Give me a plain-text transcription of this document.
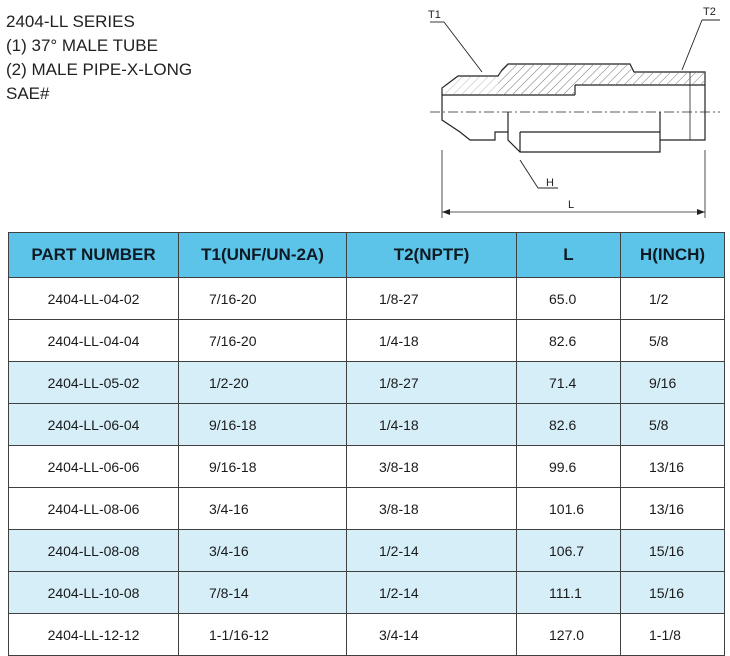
2404-LL SERIES
(1) 37° MALE TUBE
(2) MALE PIPE-X-LONG
SAE#
T1	T2
H
L
PART NUMBER	T1(UNF/UN-2A)	T2(NPTF)	L	H(INCH)
2404-LL-04-02	7/16-20	1/8-27	65.0	1/2
2404-LL-04-04	7/16-20	1/4-18	82.6	5/8
2404-LL-05-02	1/2-20	1/8-27	71.4	9/16
2404-LL-06-04	9/16-18	1/4-18	82.6	5/8
2404-LL-06-06	9/16-18	3/8-18	99.6	13/16
2404-LL-08-06	3/4-16	3/8-18	101.6	13/16
2404-LL-08-08	3/4-16	1/2-14	106.7	15/16
2404-LL-10-08	7/8-14	1/2-14	111.1	15/16
2404-LL-12-12	1-1/16-12	3/4-14	127.0	1-1/8
